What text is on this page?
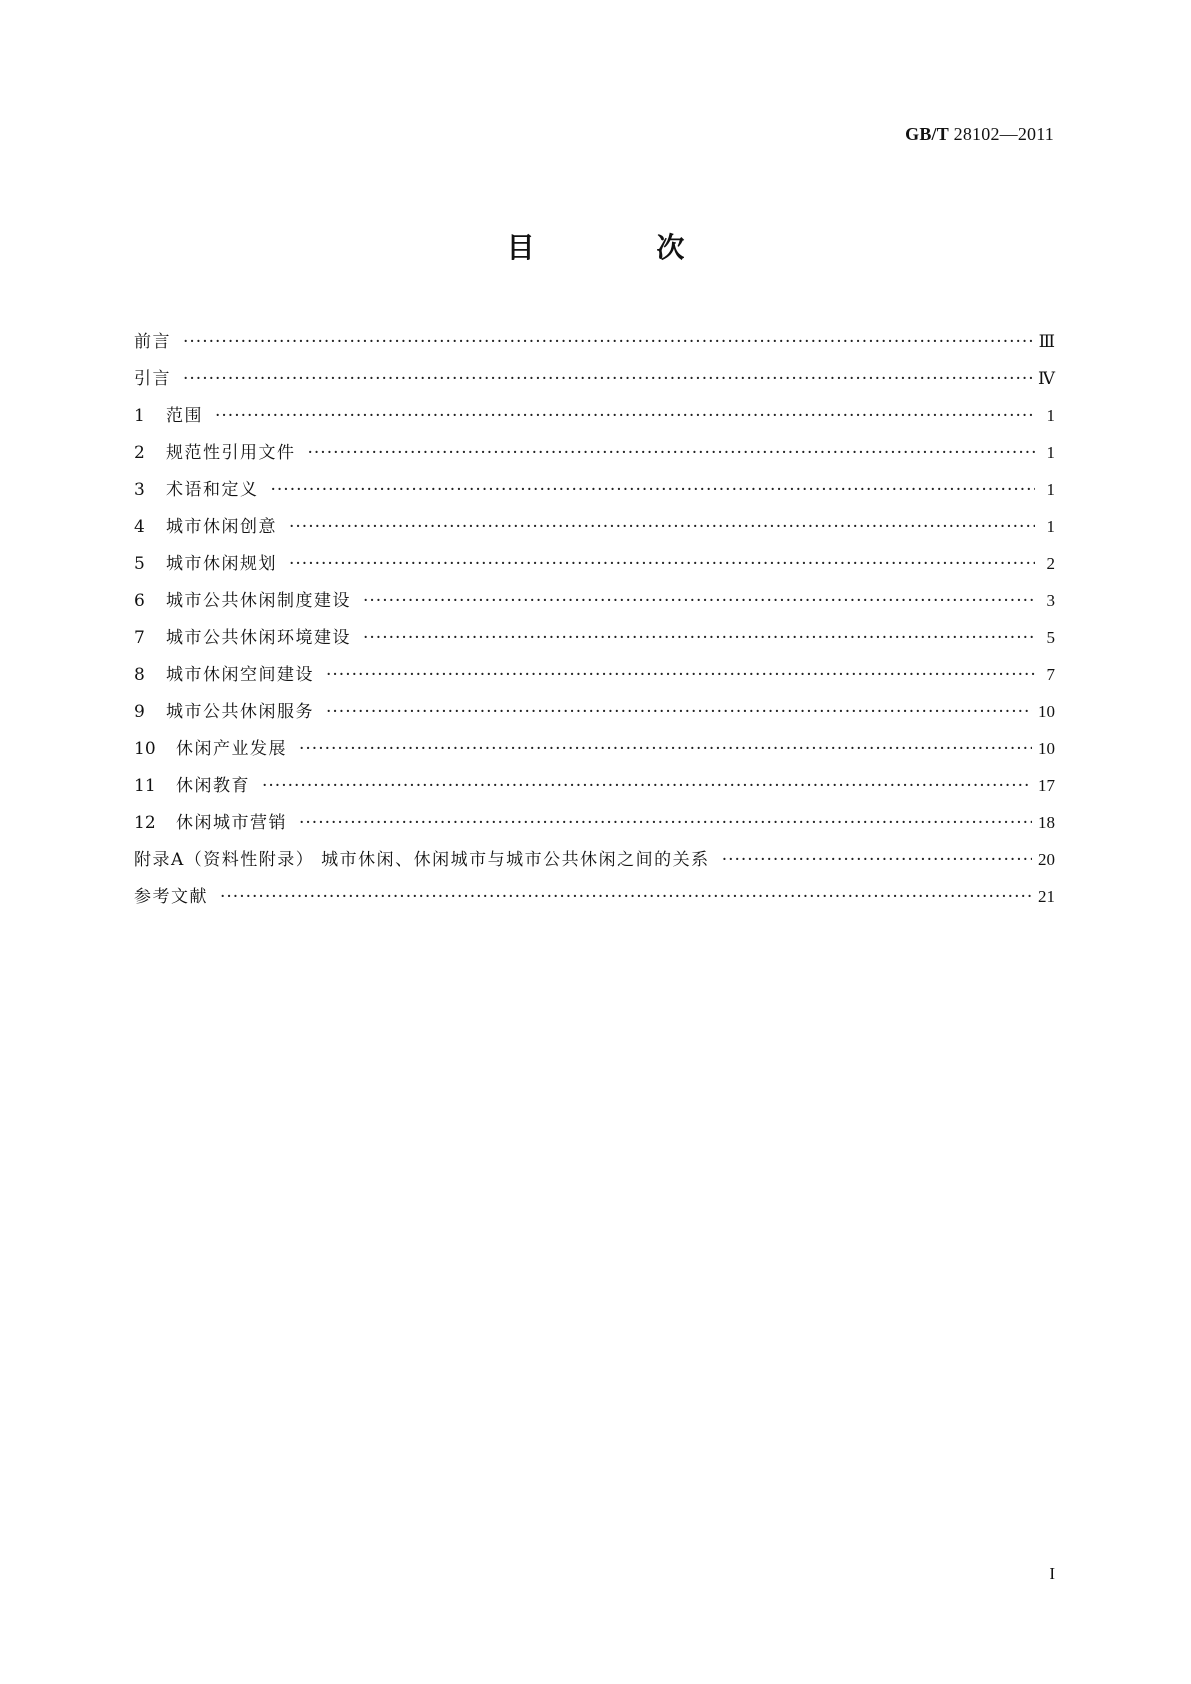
GB/T 28102—2011
目 次
前言 ·····	Ⅲ
引言 ·····	Ⅳ
1	范围 ·····	1
2	规范性引用文件 ·····	1
3	术语和定义 ·····	1
4	城市休闲创意 ·····	1
5	城市休闲规划 ·····	2
6	城市公共休闲制度建设 ·····	3
7	城市公共休闲环境建设 ·····	5
8	城市休闲空间建设 ·····	7
9	城市公共休闲服务 ·····	10
10	休闲产业发展 ·····	10
11	休闲教育 ·····	17
12	休闲城市营销 ·····	18
附录A（资料性附录） 城市休闲、休闲城市与城市公共休闲之间的关系 ·····	20
参考文献 ·····	21
I
